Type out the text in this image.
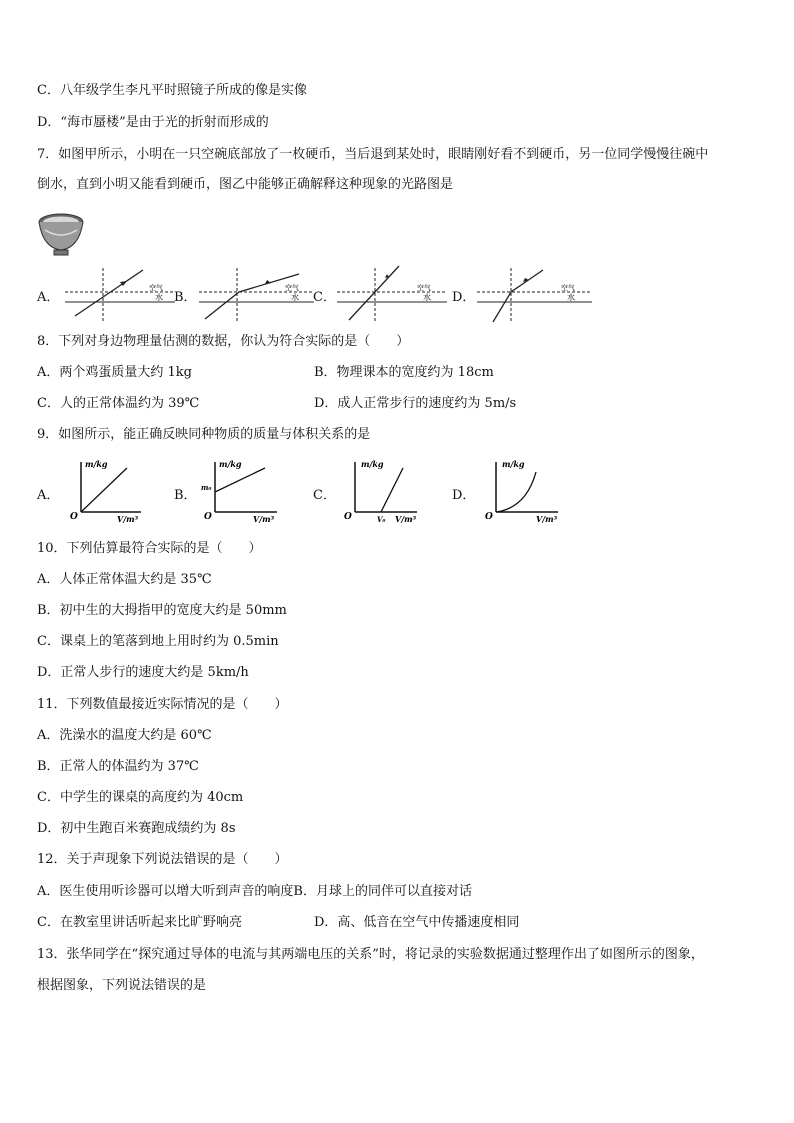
C．八年级学生李凡平时照镜子所成的像是实像
D．“海市蜃楼”是由于光的折射而形成的
7．如图甲所示，小明在一只空碗底部放了一枚硬币，当后退到某处时，眼睛刚好看不到硬币，另一位同学慢慢往碗中
倒水，直到小明又能看到硬币，图乙中能够正确解释这种现象的光路图是
A．
空气
水 B．
空气
水 C．
空气
水 D．
空气
水
8．下列对身边物理量估测的数据，你认为符合实际的是（　　）
A．两个鸡蛋质量大约 1kg	B．物理课本的宽度约为 18cm
C．人的正常体温约为 39℃	D．成人正常步行的速度约为 5m/s
9．如图所示，能正确反映同种物质的质量与体积关系的是
A．
m/kg
V/m³
O
B．
m/kg
m₀
V/m³
O
C．
m/kg
V₀ V/m³
O
D．
m/kg
V/m³
O
10．下列估算最符合实际的是（　　）
A．人体正常体温大约是 35℃
B．初中生的大拇指甲的宽度大约是 50mm
C．课桌上的笔落到地上用时约为 0.5min
D．正常人步行的速度大约是 5km/h
11．下列数值最接近实际情况的是（　　）
A．洗澡水的温度大约是 60℃
B．正常人的体温约为 37℃
C．中学生的课桌的高度约为 40cm
D．初中生跑百米赛跑成绩约为 8s
12．关于声现象下列说法错误的是（　　）
A．医生使用听诊器可以增大听到声音的响度B．月球上的同伴可以直接对话
C．在教室里讲话听起来比旷野响亮	D．高、低音在空气中传播速度相同
13．张华同学在“探究通过导体的电流与其两端电压的关系”时，将记录的实验数据通过整理作出了如图所示的图象，
根据图象，下列说法错误的是
